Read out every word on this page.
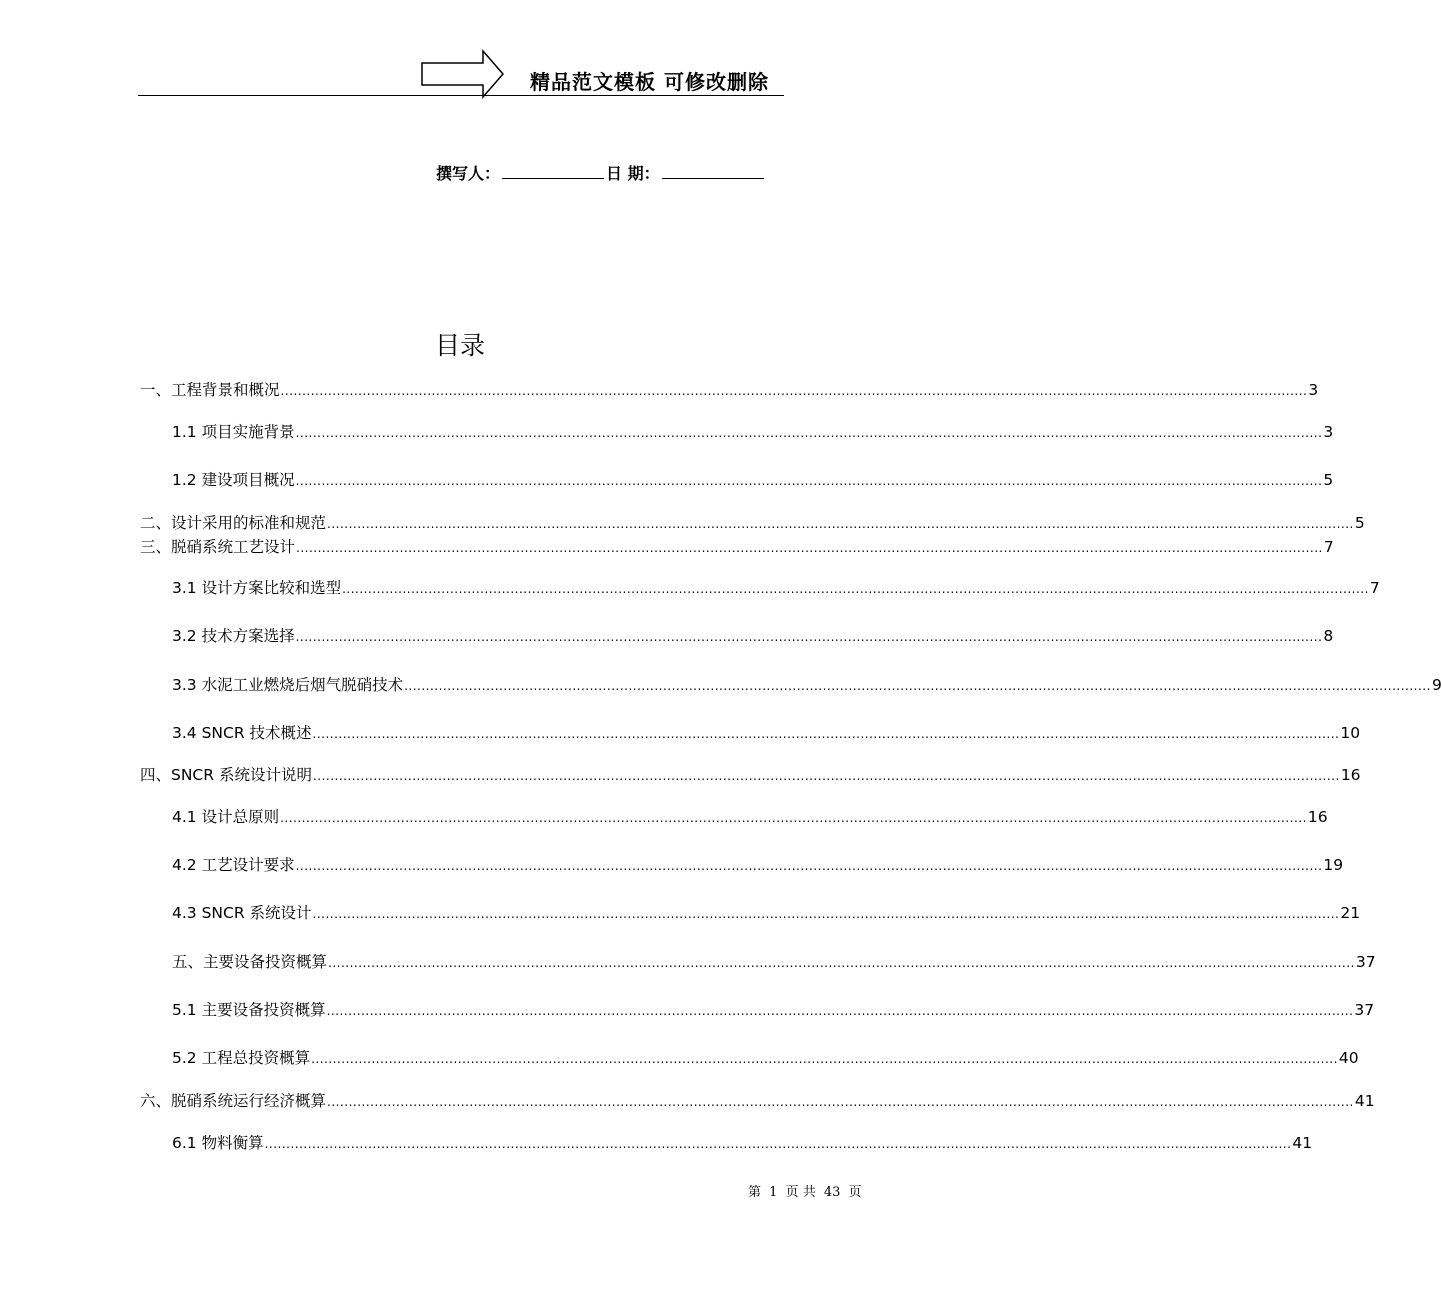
精品范文模板 可修改删除
撰写人：	日 期：
目录
一、工程背景和概况 .............................................................................................................................................................................................................................................. 3
1.1 项目实施背景 .............................................................................................................................................................................................................................................. 3
1.2 建设项目概况 .............................................................................................................................................................................................................................................. 5
二、设计采用的标准和规范 .............................................................................................................................................................................................................................................. 5
三、脱硝系统工艺设计 .............................................................................................................................................................................................................................................. 7
3.1 设计方案比较和选型 .............................................................................................................................................................................................................................................. 7
3.2 技术方案选择 .............................................................................................................................................................................................................................................. 8
3.3 水泥工业燃烧后烟气脱硝技术 .............................................................................................................................................................................................................................................. 9
3.4 SNCR 技术概述 .............................................................................................................................................................................................................................................. 10
四、SNCR 系统设计说明 .............................................................................................................................................................................................................................................. 16
4.1 设计总原则 .............................................................................................................................................................................................................................................. 16
4.2 工艺设计要求 .............................................................................................................................................................................................................................................. 19
4.3 SNCR 系统设计 .............................................................................................................................................................................................................................................. 21
五、主要设备投资概算 .............................................................................................................................................................................................................................................. 37
5.1 主要设备投资概算 .............................................................................................................................................................................................................................................. 37
5.2 工程总投资概算 .............................................................................................................................................................................................................................................. 40
六、脱硝系统运行经济概算 .............................................................................................................................................................................................................................................. 41
6.1 物料衡算 .............................................................................................................................................................................................................................................. 41
第 1 页 共 43 页
